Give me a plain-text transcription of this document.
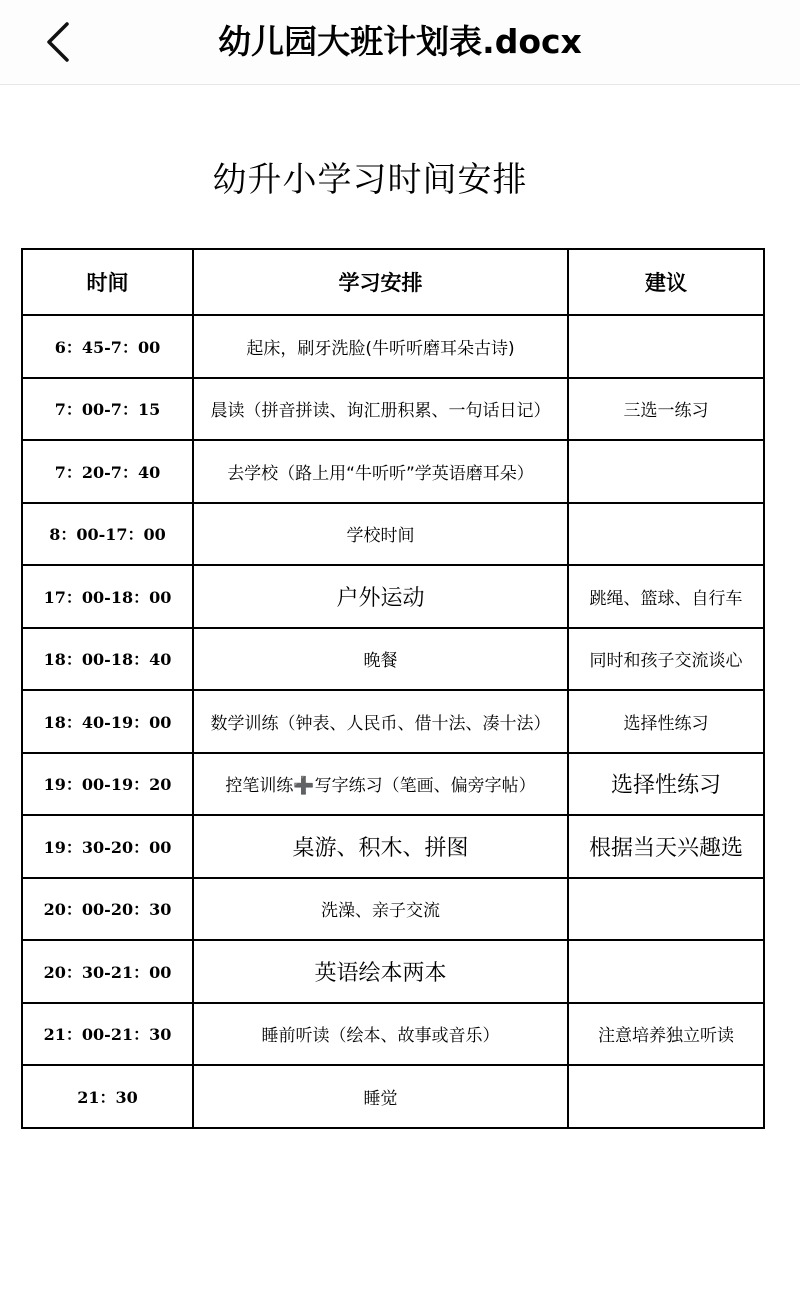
幼儿园大班计划表.docx
幼升小学习时间安排
时间	学习安排	建议
6：45-7：00	起床，刷牙洗脸(牛听听磨耳朵古诗)	
7：00-7：15	晨读（拼音拼读、询汇册积累、一句话日记）	三选一练习
7：20-7：40	去学校（路上用“牛听听”学英语磨耳朵）	
8：00-17：00	学校时间	
17：00-18：00	户外运动	跳绳、篮球、自行车
18：00-18：40	晚餐	同时和孩子交流谈心
18：40-19：00	数学训练（钟表、人民币、借十法、凑十法）	选择性练习
19：00-19：20	控笔训练➕写字练习（笔画、偏旁字帖）	选择性练习
19：30-20：00	桌游、积木、拼图	根据当天兴趣选
20：00-20：30	洗澡、亲子交流	
20：30-21：00	英语绘本两本	
21：00-21：30	睡前听读（绘本、故事或音乐）	注意培养独立听读
21：30	睡觉	
